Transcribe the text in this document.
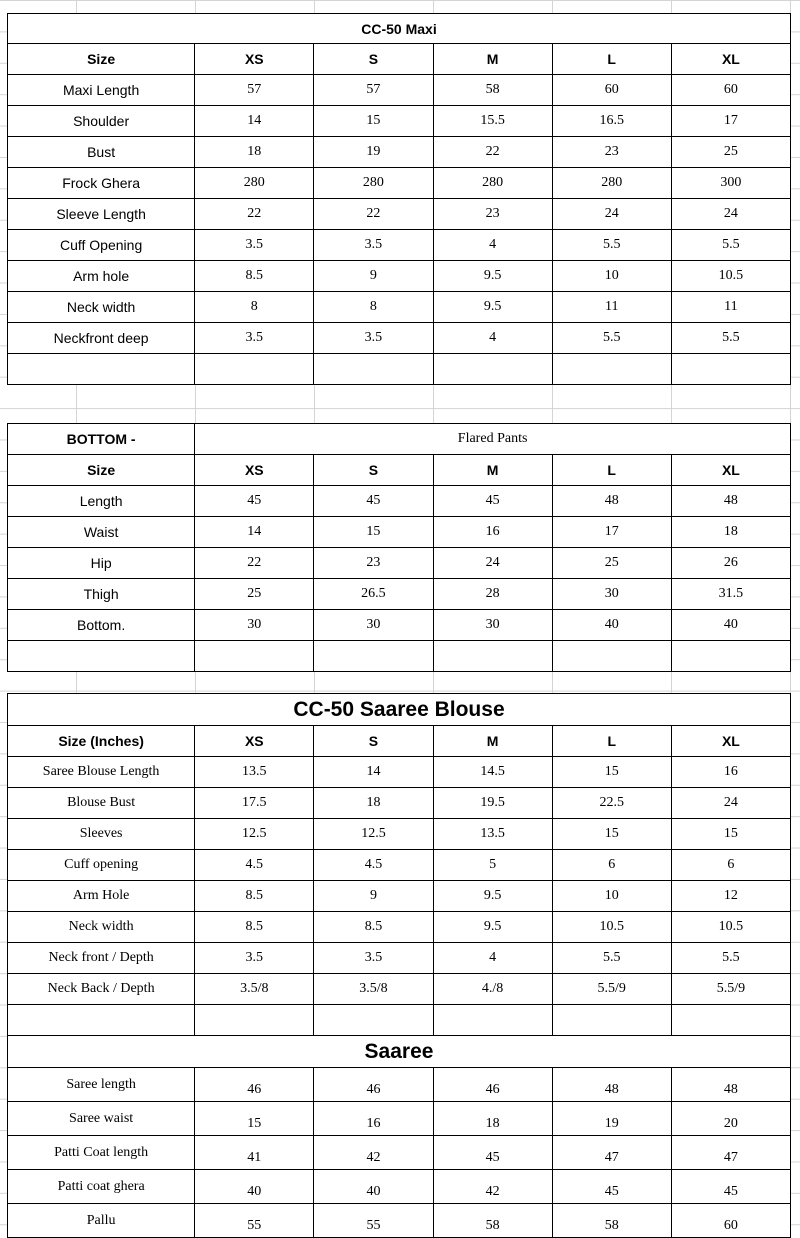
CC-50 Maxi					
Size	XS	S	M	L	XL
Maxi Length	57	57	58	60	60
Shoulder	14	15	15.5	16.5	17
Bust	18	19	22	23	25
Frock Ghera	280	280	280	280	300
Sleeve Length	22	22	23	24	24
Cuff Opening	3.5	3.5	4	5.5	5.5
Arm hole	8.5	9	9.5	10	10.5
Neck width	8	8	9.5	11	11
Neckfront deep	3.5	3.5	4	5.5	5.5

BOTTOM -	Flared Pants				
Size	XS	S	M	L	XL
Length	45	45	45	48	48
Waist	14	15	16	17	18
Hip	22	23	24	25	26
Thigh	25	26.5	28	30	31.5
Bottom.	30	30	30	40	40

CC-50 Saaree Blouse					
Size (Inches)	XS	S	M	L	XL
Saree Blouse Length	13.5	14	14.5	15	16
Blouse Bust	17.5	18	19.5	22.5	24
Sleeves	12.5	12.5	13.5	15	15
Cuff opening	4.5	4.5	5	6	6
Arm Hole	8.5	9	9.5	10	12
Neck width	8.5	8.5	9.5	10.5	10.5
Neck front / Depth	3.5	3.5	4	5.5	5.5
Neck Back / Depth	3.5/8	3.5/8	4./8	5.5/9	5.5/9

Saaree					
Saree length	46	46	46	48	48
Saree waist	15	16	18	19	20
Patti Coat length	41	42	45	47	47
Patti coat ghera	40	40	42	45	45
Pallu	55	55	58	58	60
